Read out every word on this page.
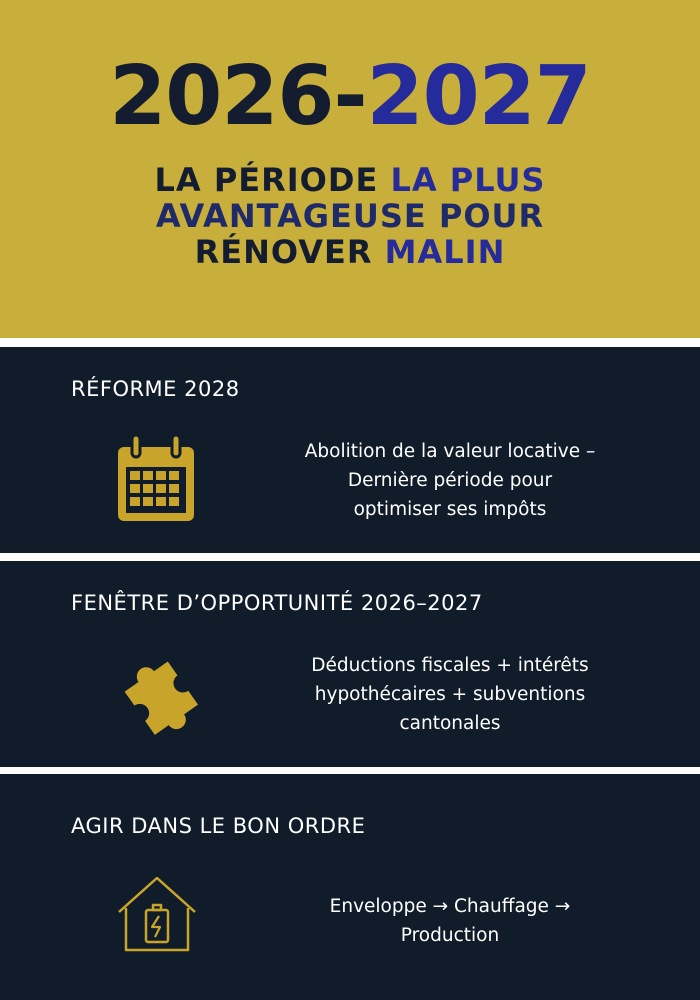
2026-2027
LA PÉRIODE LA PLUS
AVANTAGEUSE POUR
RÉNOVER MALIN
RÉFORME 2028
Abolition de la valeur locative –
Dernière période pour
optimiser ses impôts
FENÊTRE D’OPPORTUNITÉ 2026–2027
Déductions fiscales + intérêts
hypothécaires + subventions
cantonales
AGIR DANS LE BON ORDRE
Enveloppe → Chauffage →
Production
